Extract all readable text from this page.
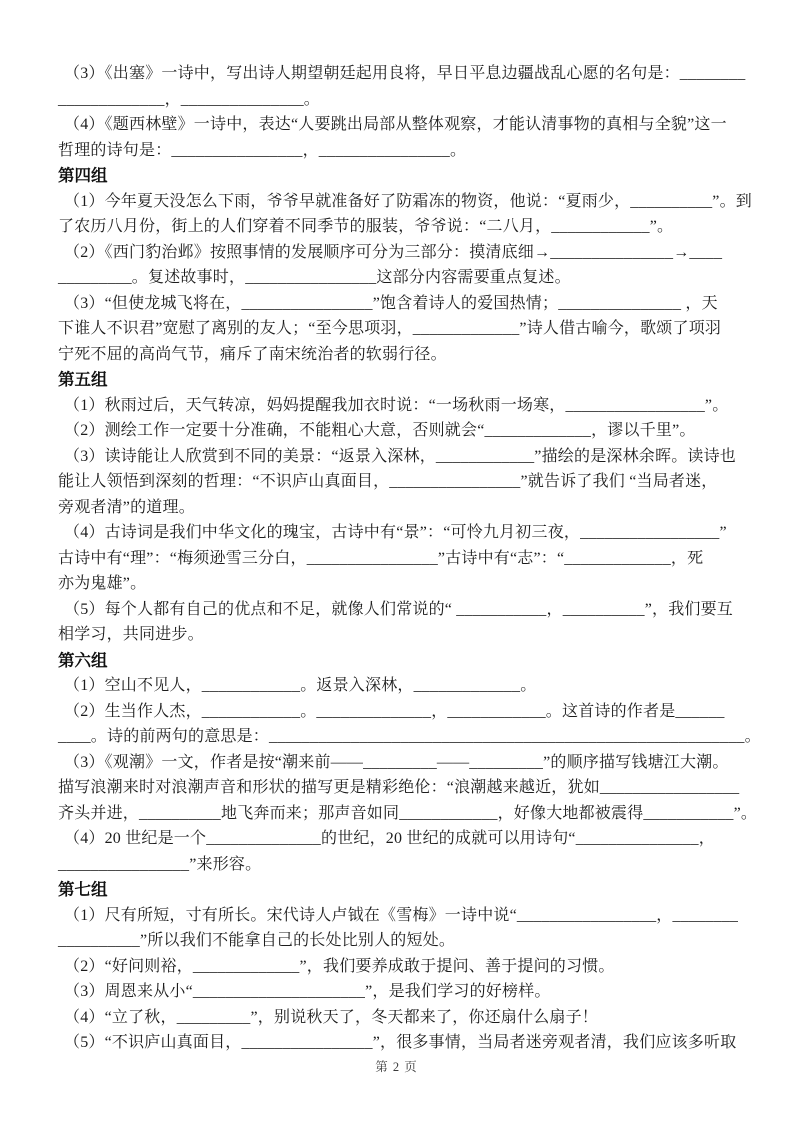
（3）《出塞》一诗中，写出诗人期望朝廷起用良将，早日平息边疆战乱心愿的名句是：________
_____________，_______________。
（4）《题西林壁》一诗中，表达“人要跳出局部从整体观察，才能认清事物的真相与全貌”这一
哲理的诗句是：________________，________________。
第四组
（1）今年夏天没怎么下雨，爷爷早就准备好了防霜冻的物资，他说：“夏雨少，__________”。到
了农历八月份，街上的人们穿着不同季节的服装，爷爷说：“二八月，____________”。
（2）《西门豹治邺》按照事情的发展顺序可分为三部分：摸清底细→_______________→____
_________。复述故事时，________________这部分内容需要重点复述。
（3）“但使龙城飞将在，________________”饱含着诗人的爱国热情；_______________ ，天
下谁人不识君”宽慰了离别的友人；“至今思项羽，_____________”诗人借古喻今，歌颂了项羽
宁死不屈的高尚气节，痛斥了南宋统治者的软弱行径。
第五组
（1）秋雨过后，天气转凉，妈妈提醒我加衣时说：“一场秋雨一场寒，_________________”。
（2）测绘工作一定要十分准确，不能粗心大意，否则就会“_____________，谬以千里”。
（3）读诗能让人欣赏到不同的美景：“返景入深林，____________”描绘的是深林余晖。读诗也
能让人领悟到深刻的哲理：“不识庐山真面目，________________”就告诉了我们 “当局者迷，
旁观者清”的道理。
（4）古诗词是我们中华文化的瑰宝，古诗中有“景”：“可怜九月初三夜，_________________”
古诗中有“理”：“梅须逊雪三分白，________________”古诗中有“志”：“_____________，死
亦为鬼雄”。
（5）每个人都有自己的优点和不足，就像人们常说的“ ___________，__________”，我们要互
相学习，共同进步。
第六组
（1）空山不见人，____________。返景入深林，_____________。
（2）生当作人杰，____________。______________，____________。这首诗的作者是______
____。诗的前两句的意思是：__________________________________________________________。
（3）《观潮》一文，作者是按“潮来前——_________——_________”的顺序描写钱塘江大潮。
描写浪潮来时对浪潮声音和形状的描写更是精彩绝伦：“浪潮越来越近，犹如_________________
齐头并进，__________地飞奔而来；那声音如同____________，好像大地都被震得___________”。
（4）20 世纪是一个______________的世纪，20 世纪的成就可以用诗句“_______________，
________________”来形容。
第七组
（1）尺有所短，寸有所长。宋代诗人卢钺在《雪梅》一诗中说“_________________，________
__________”所以我们不能拿自己的长处比别人的短处。
（2）“好问则裕，_____________”，我们要养成敢于提问、善于提问的习惯。
（3）周恩来从小“_____________________”，是我们学习的好榜样。
（4）“立了秋，_________”，别说秋天了，冬天都来了，你还扇什么扇子！
（5）“不识庐山真面目，________________”，很多事情，当局者迷旁观者清，我们应该多听取
第 2 页
